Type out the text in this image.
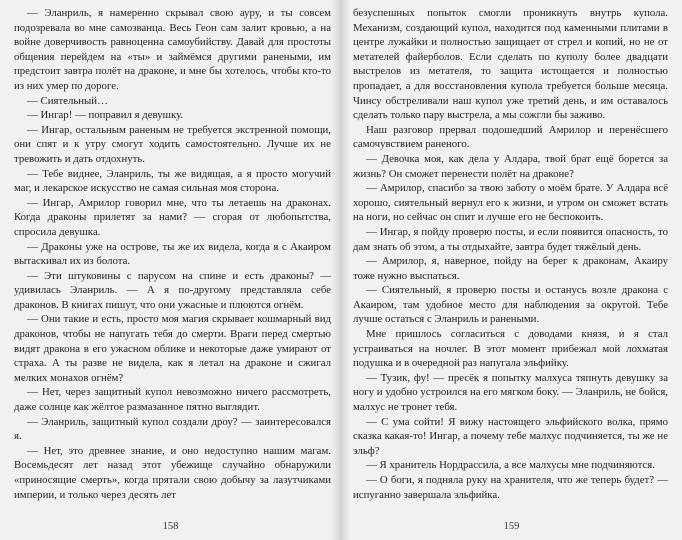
— Эланриль, я намеренно скрывал свою ауру, и ты совсем подозревала во мне самозванца. Весь Геон сам залит кровью, а на войне доверчивость равноценна самоубийству. Давай для простоты общения перейдем на «ты» и займёмся другими ранеными, им предстоит завтра полёт на драконе, и мне бы хотелось, чтобы кто-то из них умер по дороге.

— Сиятельный…

— Ингар! — поправил я девушку.

— Ингар, остальным раненым не требуется экстренной помощи, они спят и к утру смогут ходить самостоятельно. Лучше их не тревожить и дать отдохнуть.

— Тебе виднее, Эланриль, ты же видящая, а я просто могучий маг, и лекарское искусство не самая сильная моя сторона.

— Ингар, Амрилор говорил мне, что ты летаешь на драконах. Когда драконы прилетят за нами? — сгорая от любопытства, спросила девушка.

— Драконы уже на острове, ты же их видела, когда я с Акаиром вытаскивал их из болота.

— Эти штуковины с парусом на спине и есть драконы? — удивилась Эланриль. — А я по-другому представляла себе драконов. В книгах пишут, что они ужасные и плюются огнём.

— Они такие и есть, просто моя магия скрывает кошмарный вид драконов, чтобы не напугать тебя до смерти. Враги перед смертью видят дракона в его ужасном облике и некоторые даже умирают от страха. А ты разве не видела, как я летал на драконе и сжигал мелких монахов огнём?

— Нет, через защитный купол невозможно ничего рассмотреть, даже солнце как жёлтое размазанное пятно выглядит.

— Эланриль, защитный купол создали дроу? — заинтересовался я.

— Нет, это древнее знание, и оно недоступно нашим магам. Восемьдесят лет назад этот убежище случайно обнаружили «приносящие смерть», когда прятали свою добычу за лазутчиками империи, и только через десять лет

158

безуспешных попыток смогли проникнуть внутрь купола. Механизм, создающий купол, находится под каменными плитами в центре лужайки и полностью защищает от стрел и копий, но не от метателей файерболов. Если сделать по куполу более двадцати выстрелов из метателя, то защита истощается и полностью пропадает, а для восстановления купола требуется больше месяца. Чинсу обстреливали наш купол уже третий день, и им оставалось сделать только пару выстрела, а мы сожгли бы заживо.

Наш разговор прервал подошедший Амрилор и перенёсшего самочувствием раненого.

— Девочка моя, как дела у Алдара, твой брат ещё борется за жизнь? Он сможет перенести полёт на драконе?

— Амрилор, спасибо за твою заботу о моём брате. У Алдара всё хорошо, сиятельный вернул его к жизни, и утром он сможет встать на ноги, но сейчас он спит и лучше его не беспокоить.

— Ингар, я пойду проверю посты, и если появится опасность, то дам знать об этом, а ты отдыхайте, завтра будет тяжёлый день.

— Амрилор, я, наверное, пойду на берег к драконам, Акаиру тоже нужно выспаться.

— Сиятельный, я проверю посты и останусь возле дракона с Акаиром, там удобное место для наблюдения за округой. Тебе лучше остаться с Эланриль и ранеными.

Мне пришлось согласиться с доводами князя, и я стал устраиваться на ночлег. В этот момент прибежал мой лохматая подушка и в очередной раз напугала эльфийку.

— Тузик, фу! — пресёк я попытку малхуса тяпнуть девушку за ногу и удобно устроился на его мягком боку. — Эланриль, не бойся, малхус не тронет тебя.

— С ума сойти! Я вижу настоящего эльфийского волка, прямо сказка какая-то! Ингар, а почему тебе малхус подчиняется, ты же не эльф?

— Я хранитель Нордрассила, а все малхусы мне подчиняются.

— О боги, я подняла руку на хранителя, что же теперь будет? — испуганно завершала эльфийка.

159
